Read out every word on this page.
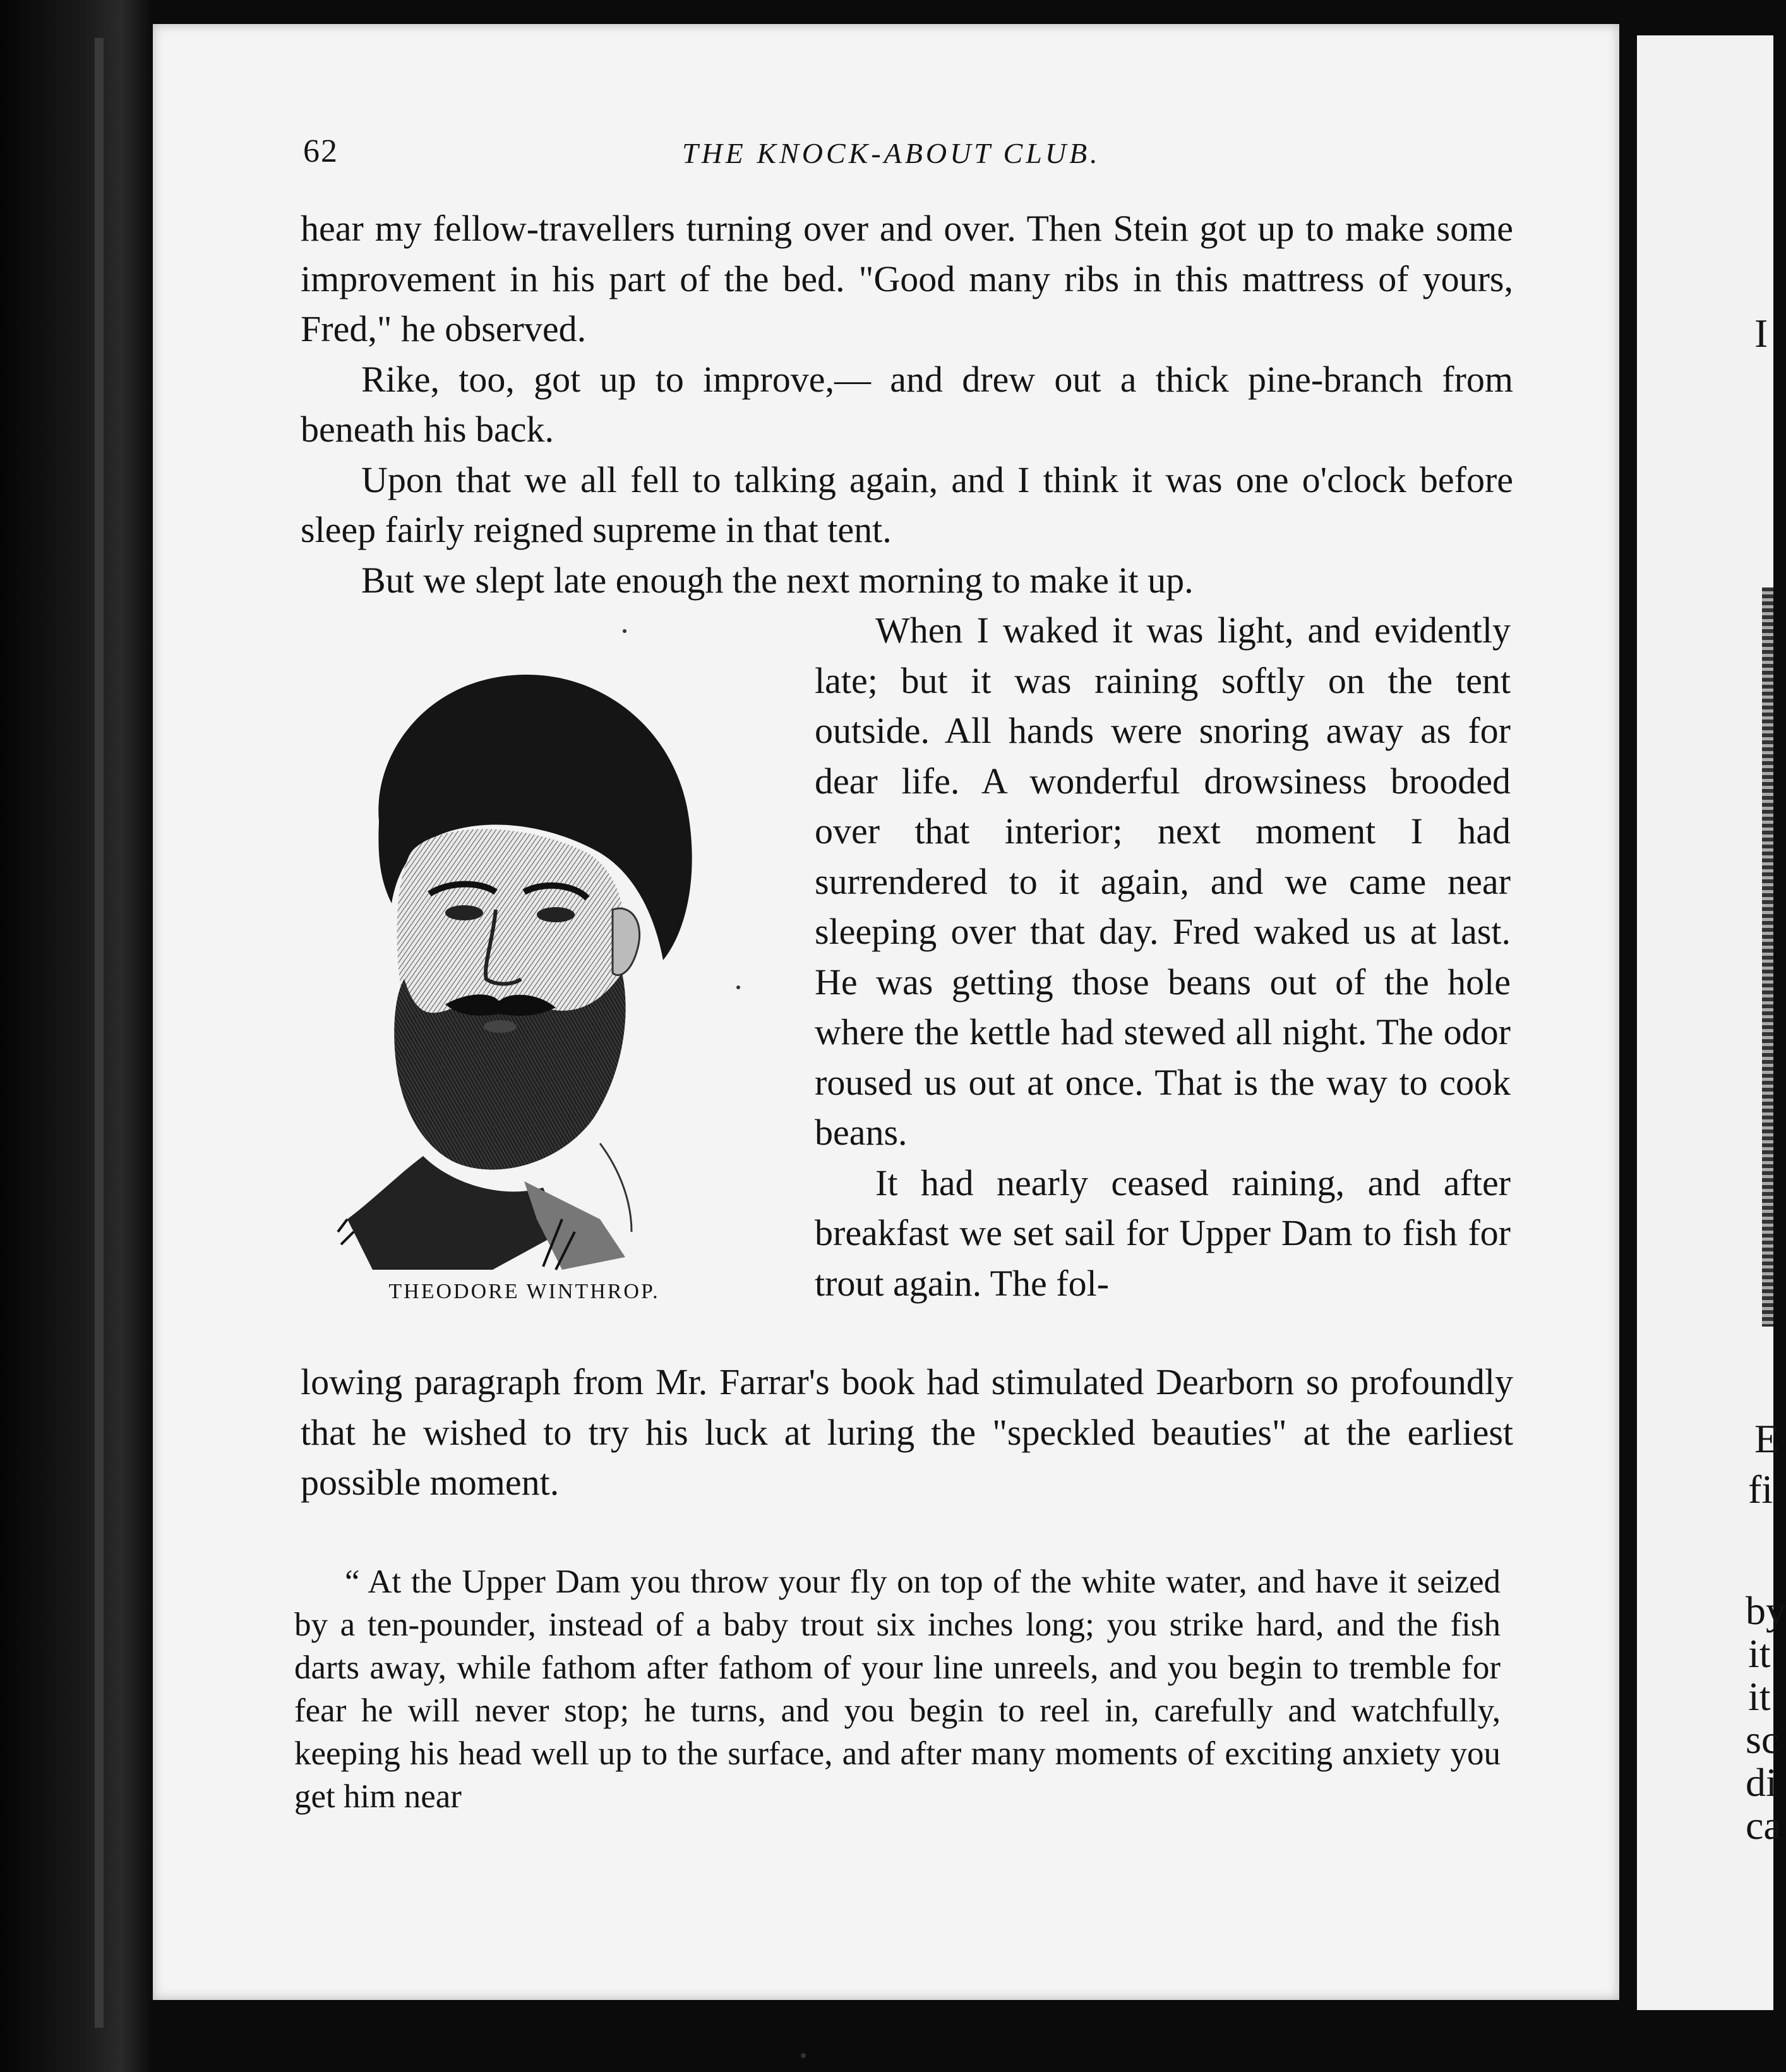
I
E
fi
by
it
it
sc
di
ca
62	THE KNOCK-ABOUT CLUB.

hear my fellow-travellers turning over and over. Then Stein got up to make some improvement in his part of the bed. "Good many ribs in this mattress of yours, Fred," he observed.

Rike, too, got up to improve,— and drew out a thick pine-branch from beneath his back.

Upon that we all fell to talking again, and I think it was one o'clock before sleep fairly reigned supreme in that tent.

But we slept late enough the next morning to make it up.

When I waked it was light, and evidently late; but it was raining softly on the tent outside. All hands were snoring away as for dear life. A wonderful drowsiness brooded over that interior; next moment I had surrendered to it again, and we came near sleeping over that day. Fred waked us at last. He was getting those beans out of the hole where the kettle had stewed all night. The odor roused us out at once. That is the way to cook beans.

It had nearly ceased raining, and after breakfast we set sail for Upper Dam to fish for trout again. The fol-

lowing paragraph from Mr. Farrar's book had stimulated Dearborn so profoundly that he wished to try his luck at luring the "speckled beauties" at the earliest possible moment.

“ At the Upper Dam you throw your fly on top of the white water, and have it seized by a ten-pounder, instead of a baby trout six inches long; you strike hard, and the fish darts away, while fathom after fathom of your line unreels, and you begin to tremble for fear he will never stop; he turns, and you begin to reel in, carefully and watchfully, keeping his head well up to the surface, and after many moments of exciting anxiety you get him near

THEODORE WINTHROP.
